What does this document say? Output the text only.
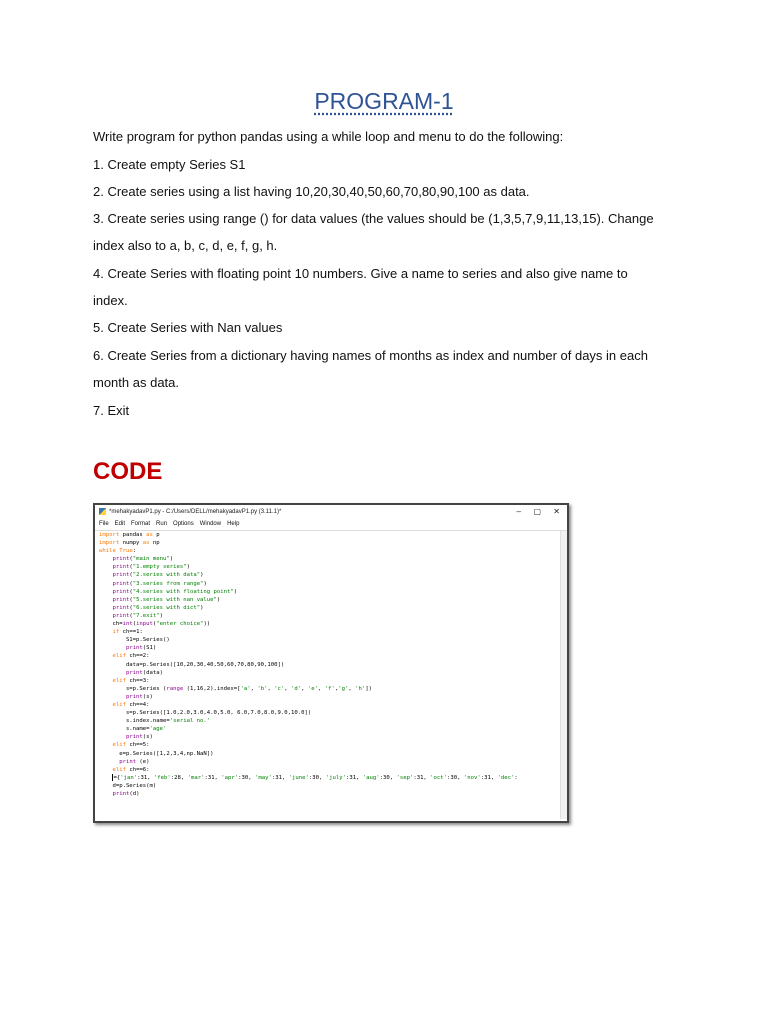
PROGRAM-1
Write program for python pandas using a while loop and menu to do the following:
1. Create empty Series S1
2. Create series using a list having 10,20,30,40,50,60,70,80,90,100 as data.
3. Create series using range () for data values (the values should be (1,3,5,7,9,11,13,15). Change
index also to a, b, c, d, e, f, g, h.
4. Create Series with floating point 10 numbers. Give a name to series and also give name to
index.
5. Create Series with Nan values
6. Create Series from a dictionary having names of months as index and number of days in each
month as data.
7. Exit
CODE
*mehakyadavP1.py - C:/Users/DELL/mehakyadavP1.py (3.11.1)*	– ▢ ✕
File Edit Format Run Options Window Help
import pandas as p
import numpy as np
while True:
print("main menu")
print("1.empty series")
print("2.series with data")
print("3.series from range")
print("4.series with floating point")
print("5.series with nan value")
print("6.series with dict")
print("7.exit")
ch=int(input("enter choice"))
if ch==1:
S1=p.Series()
print(S1)
elif ch==2:
data=p.Series([10,20,30,40,50,60,70,80,90,100])
print(data)
elif ch==3:
s=p.Series (range (1,16,2),index=['a', 'b', 'c', 'd', 'e', 'f','g', 'h'])
print(s)
elif ch==4:
s=p.Series([1.0,2.0,3.0,4.0,5.0, 6.0,7.0,8.0,9.0,10.0])
s.index.name='serial no.'
s.name='age'
print(s)
elif ch==5:
e=p.Series([1,2,3,4,np.NaN])
print (e)
elif ch==6:
={'jan':31, 'feb':28, 'mar':31, 'apr':30, 'may':31, 'june':30, 'july':31, 'aug':30, 'sep':31, 'oct':30, 'nov':31, 'dec':
d=p.Series(m)
print(d)
